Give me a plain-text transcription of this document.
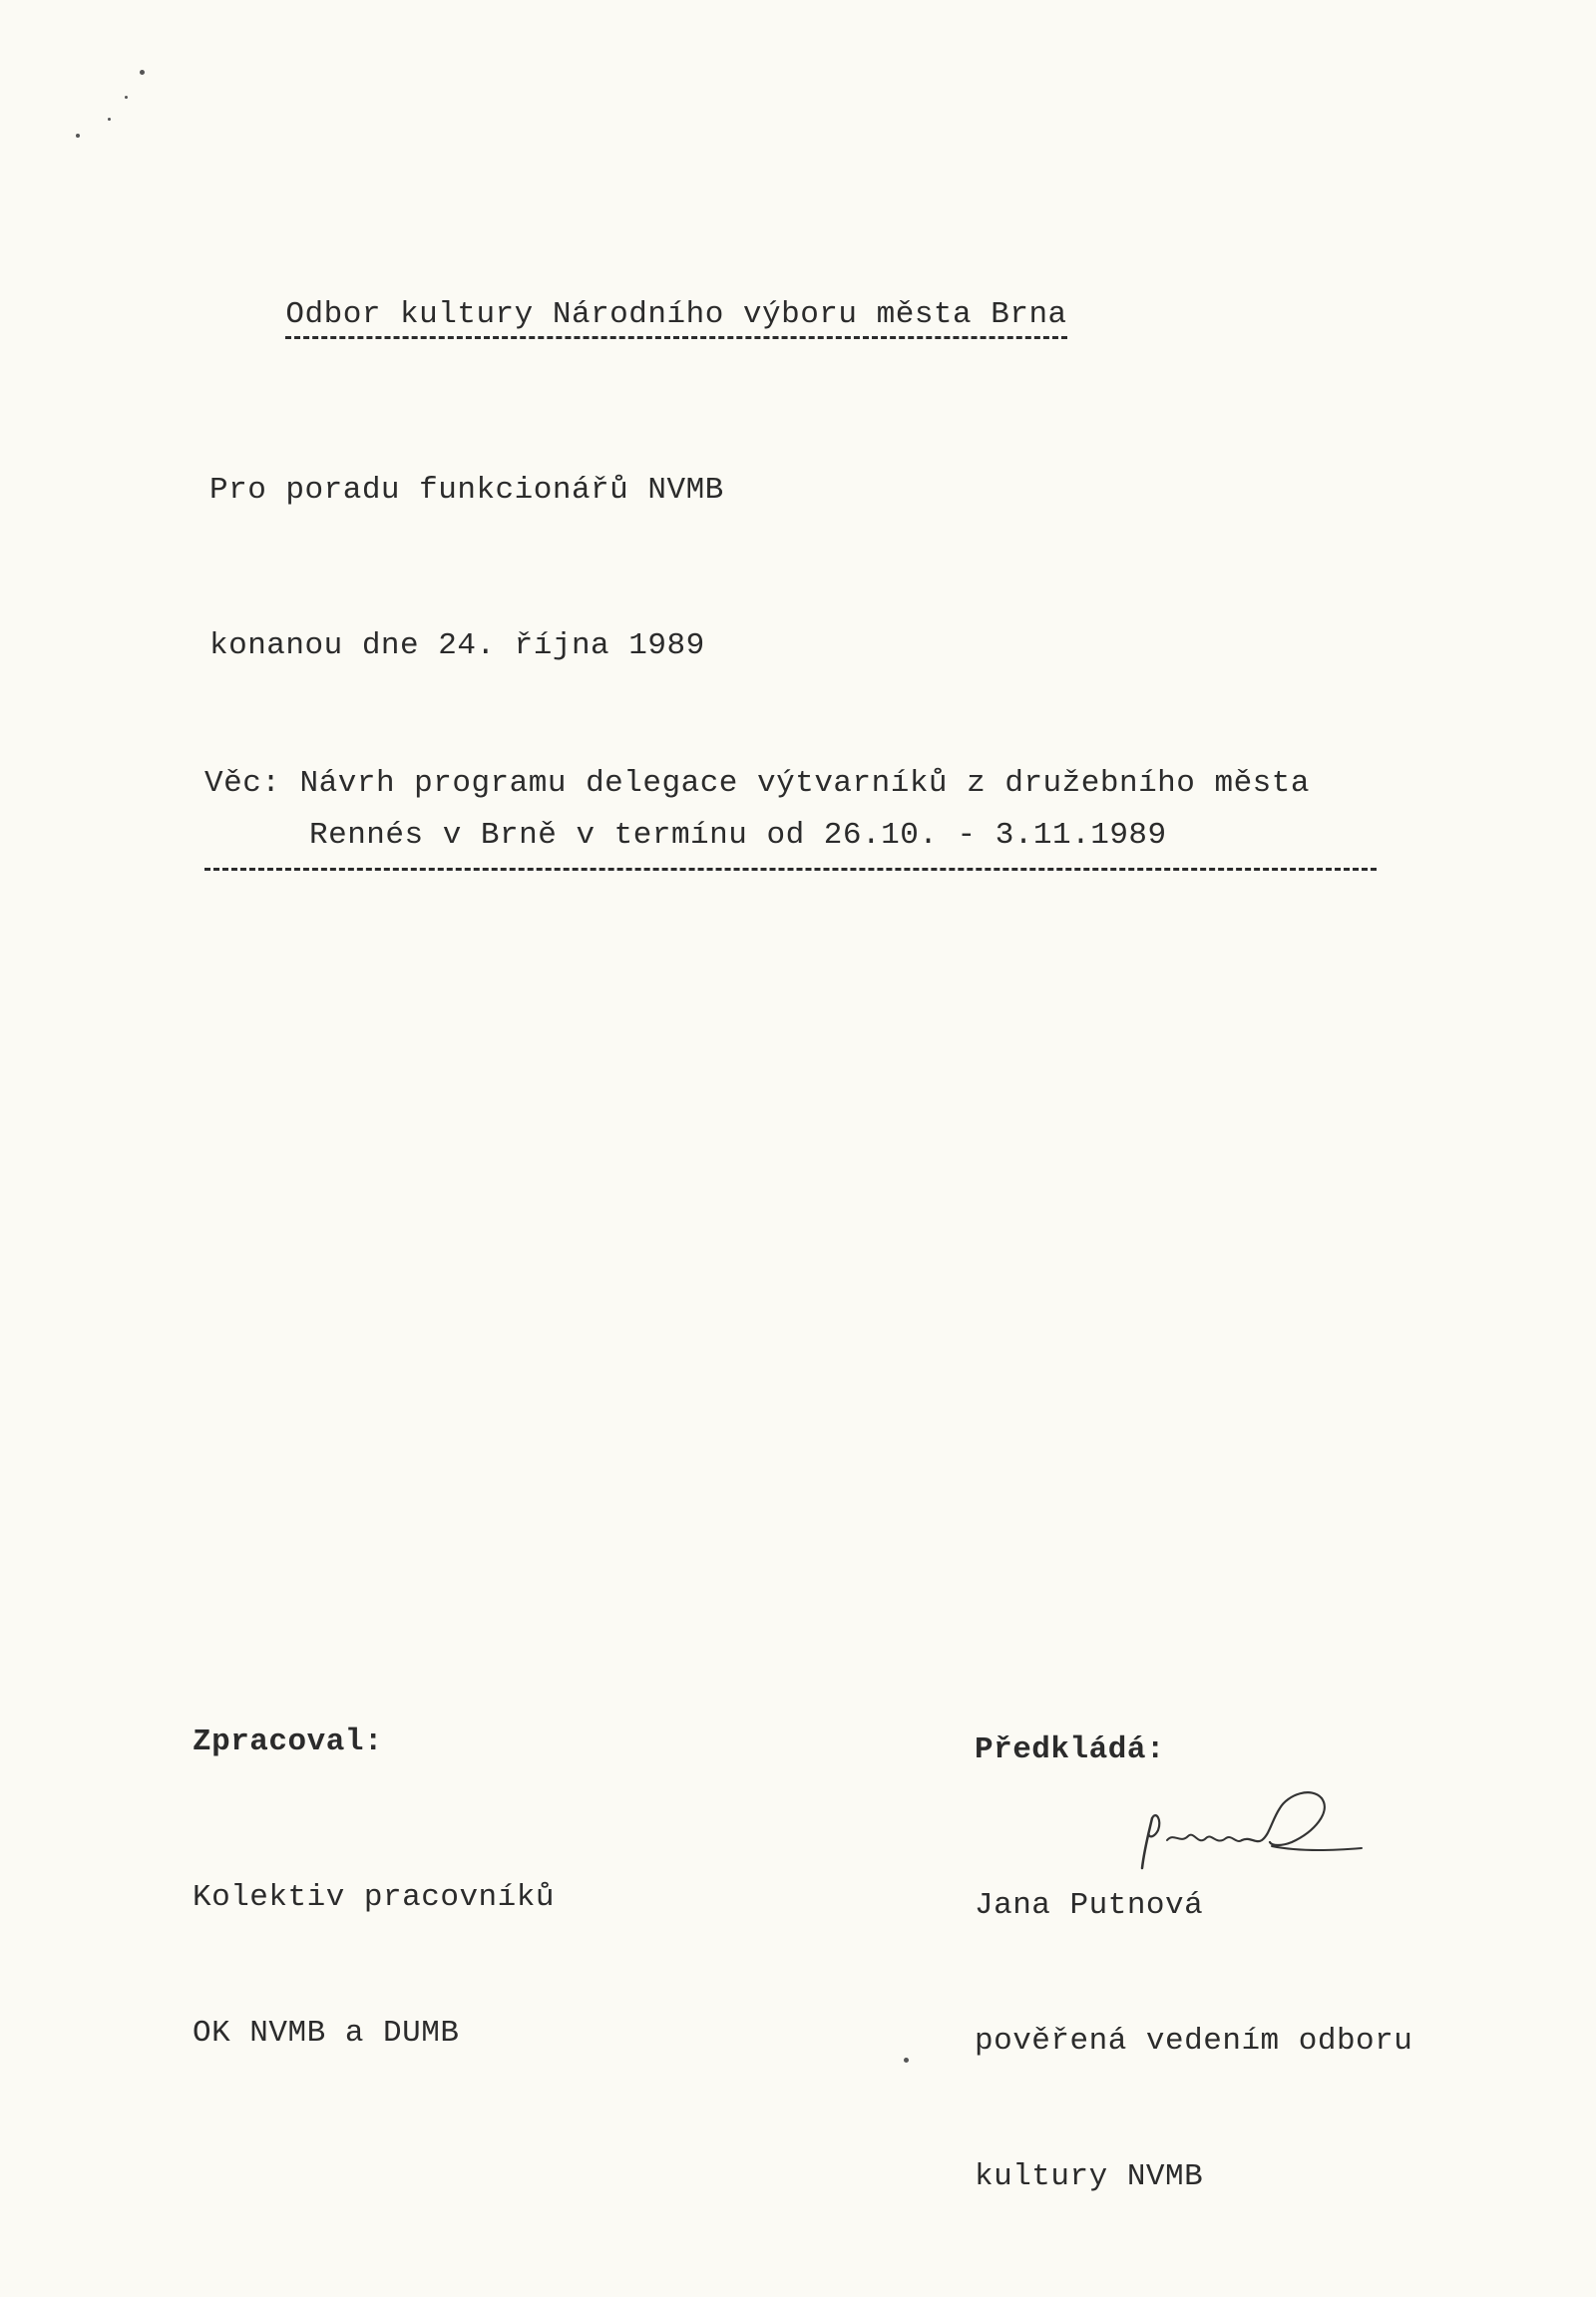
Odbor kultury Národního výboru města Brna

Pro poradu funkcionářů NVMB

konanou dne 24. října 1989

Věc: Návrh programu delegace výtvarníků z družebního města
Rennés v Brně v termínu od 26.10. - 3.11.1989

Zpracoval:

Kolektiv pracovníků

OK NVMB a DUMB

Předkládá:

Jana Putnová

pověřená vedením odboru

kultury NVMB
